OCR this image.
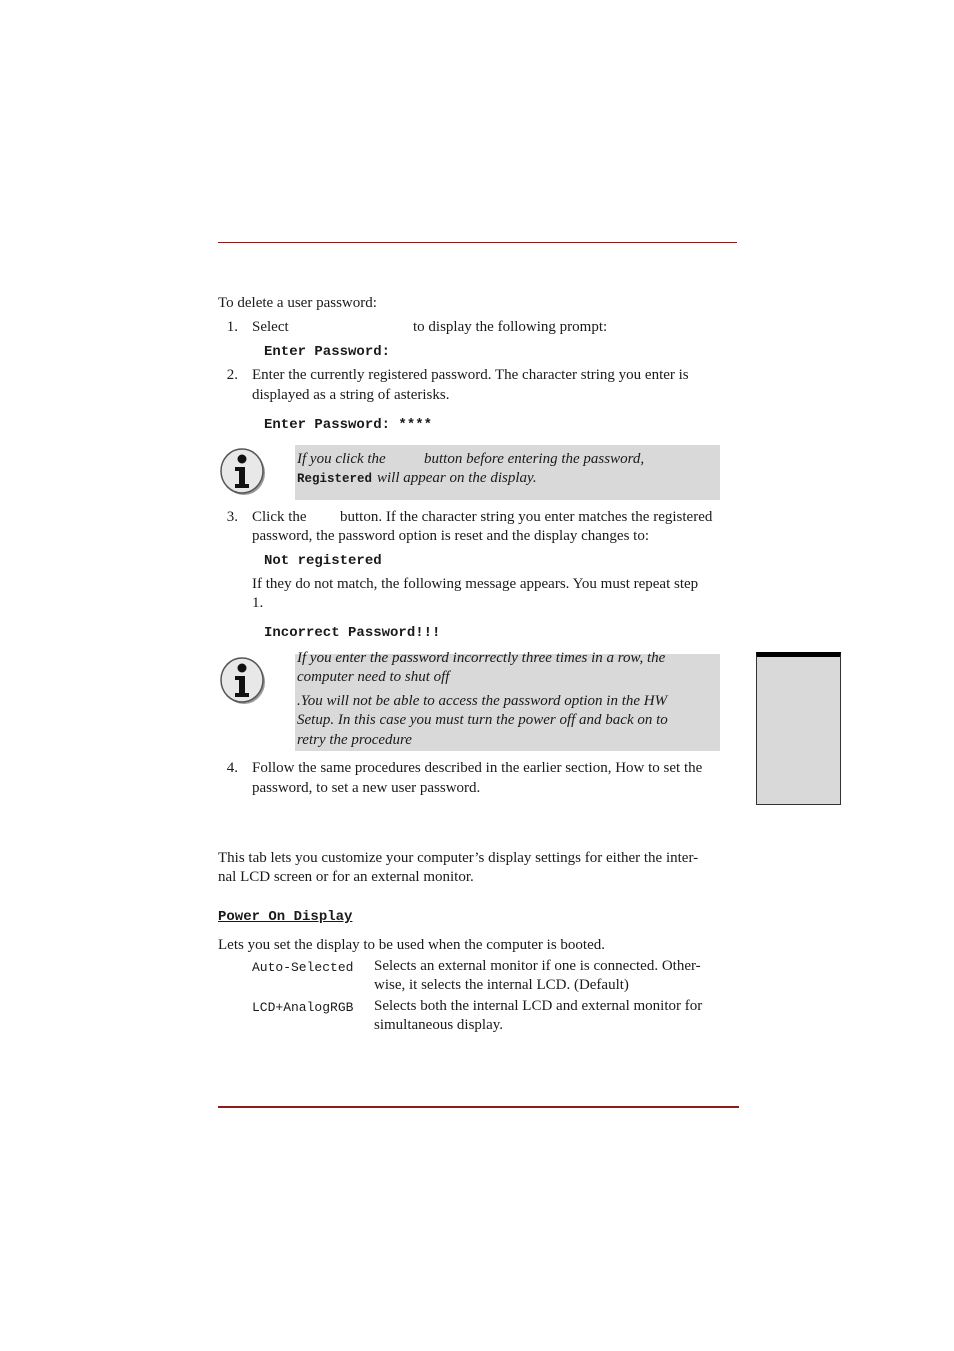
To delete a user password:
1. Select	to display the following prompt:
Enter Password:
2. Enter the currently registered password. The character string you enter is
displayed as a string of asterisks.
Enter Password: ****
If you click the	button before entering the password,
Registered will appear on the display.
3. Click the button. If the character string you enter matches the registered
password, the password option is reset and the display changes to:
Not registered
If they do not match, the following message appears. You must repeat step
1.
Incorrect Password!!!
If you enter the password incorrectly three times in a row, the
computer need to shut off
.You will not be able to access the password option in the HW
Setup. In this case you must turn the power off and back on to
retry the procedure
4. Follow the same procedures described in the earlier section, How to set the
password, to set a new user password.
This tab lets you customize your computer’s display settings for either the inter-
nal LCD screen or for an external monitor.
Power On Display
Lets you set the display to be used when the computer is booted.
Auto-Selected Selects an external monitor if one is connected. Other-
wise, it selects the internal LCD. (Default)
LCD+AnalogRGB Selects both the internal LCD and external monitor for
simultaneous display.
